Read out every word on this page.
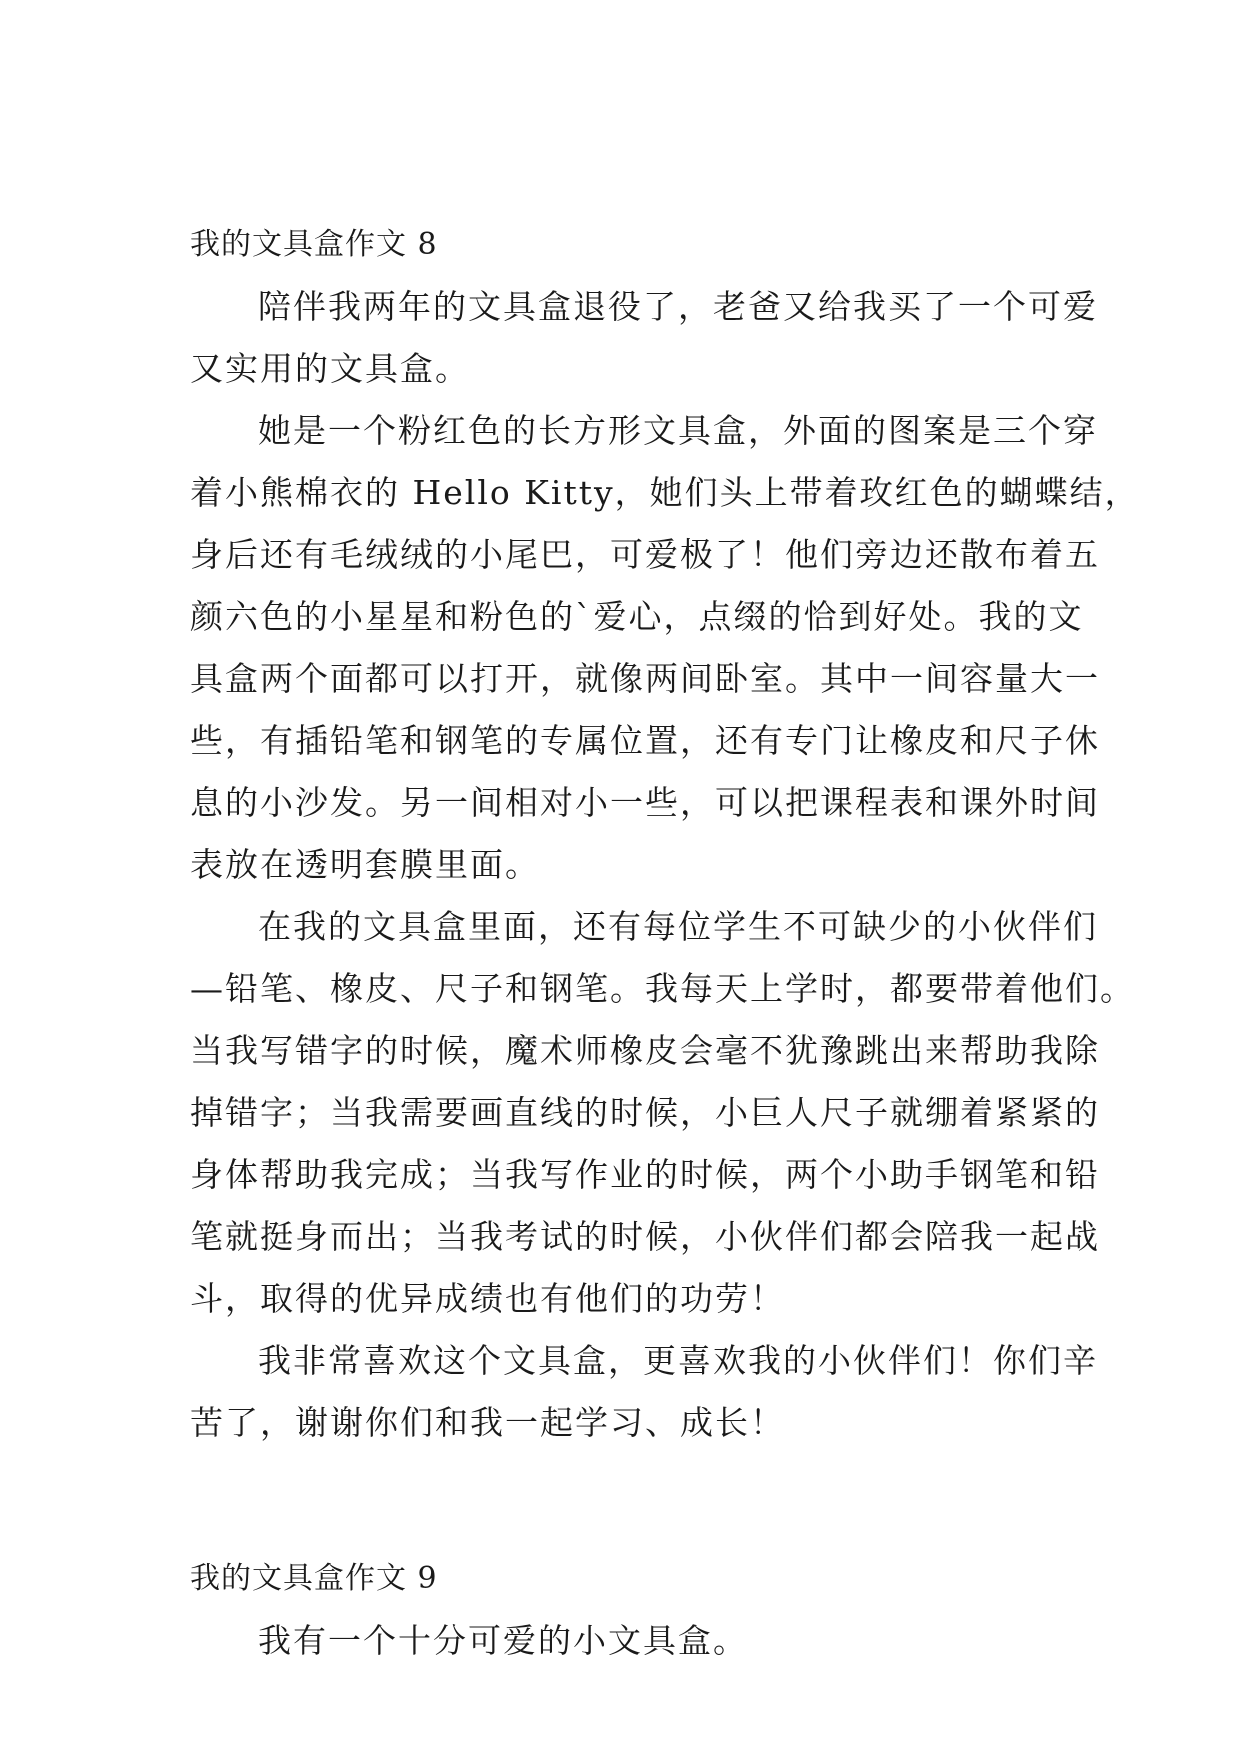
我的文具盒作文 8

陪伴我两年的文具盒退役了，老爸又给我买了一个可爱
又实用的文具盒。

她是一个粉红色的长方形文具盒，外面的图案是三个穿
着小熊棉衣的 Hello Kitty，她们头上带着玫红色的蝴蝶结，
身后还有毛绒绒的小尾巴，可爱极了！他们旁边还散布着五
颜六色的小星星和粉色的`爱心，点缀的恰到好处。我的文
具盒两个面都可以打开，就像两间卧室。其中一间容量大一
些，有插铅笔和钢笔的专属位置，还有专门让橡皮和尺子休
息的小沙发。另一间相对小一些，可以把课程表和课外时间
表放在透明套膜里面。

在我的文具盒里面，还有每位学生不可缺少的小伙伴们
—铅笔、橡皮、尺子和钢笔。我每天上学时，都要带着他们。
当我写错字的时候，魔术师橡皮会毫不犹豫跳出来帮助我除
掉错字；当我需要画直线的时候，小巨人尺子就绷着紧紧的
身体帮助我完成；当我写作业的时候，两个小助手钢笔和铅
笔就挺身而出；当我考试的时候，小伙伴们都会陪我一起战
斗，取得的优异成绩也有他们的功劳！

我非常喜欢这个文具盒，更喜欢我的小伙伴们！你们辛
苦了，谢谢你们和我一起学习、成长！

我的文具盒作文 9

我有一个十分可爱的小文具盒。
